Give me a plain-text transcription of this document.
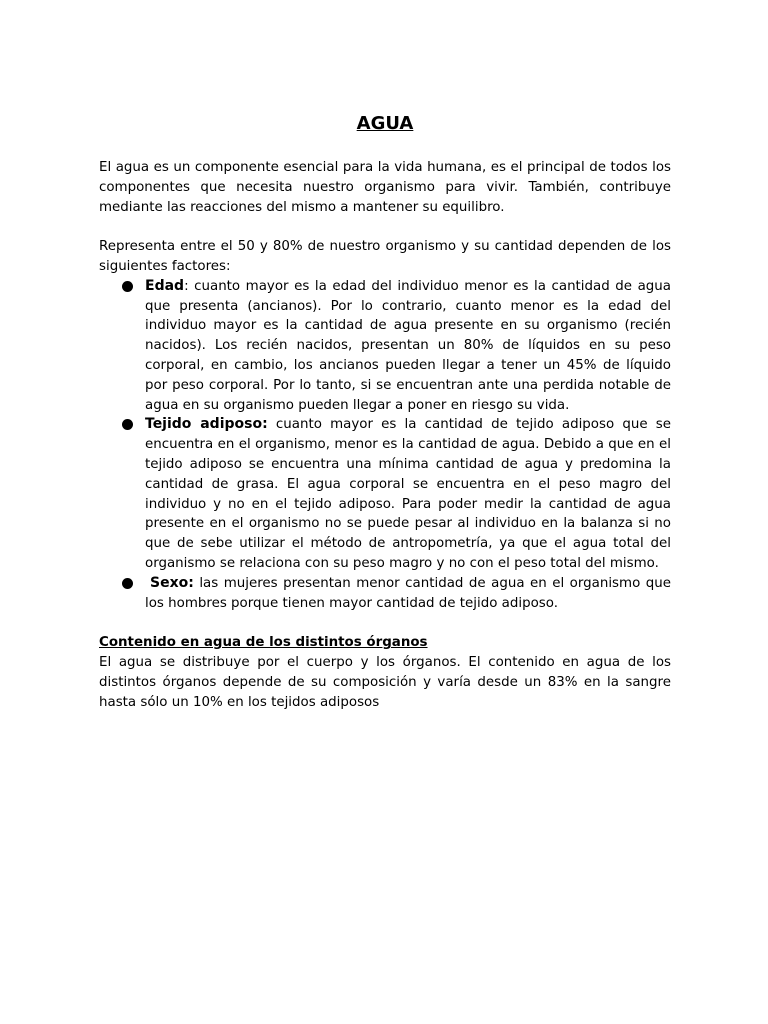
AGUA

El agua es un componente esencial para la vida humana, es el principal de todos los componentes que necesita nuestro organismo para vivir. También, contribuye mediante las reacciones del mismo a mantener su equilibro.

Representa entre el 50 y 80% de nuestro organismo y su cantidad dependen de los siguientes factores:

Edad: cuanto mayor es la edad del individuo menor es la cantidad de agua que presenta (ancianos). Por lo contrario, cuanto menor es la edad del individuo mayor es la cantidad de agua presente en su organismo (recién nacidos). Los recién nacidos, presentan un 80% de líquidos en su peso corporal, en cambio, los ancianos pueden llegar a tener un 45% de líquido por peso corporal. Por lo tanto, si se encuentran ante una perdida notable de agua en su organismo pueden llegar a poner en riesgo su vida.
Tejido adiposo: cuanto mayor es la cantidad de tejido adiposo que se encuentra en el organismo, menor es la cantidad de agua. Debido a que en el tejido adiposo se encuentra una mínima cantidad de agua y predomina la cantidad de grasa. El agua corporal se encuentra en el peso magro del individuo y no en el tejido adiposo. Para poder medir la cantidad de agua presente en el organismo no se puede pesar al individuo en la balanza si no que de sebe utilizar el método de antropometría, ya que el agua total del organismo se relaciona con su peso magro y no con el peso total del mismo.
Sexo: las mujeres presentan menor cantidad de agua en el organismo que los hombres porque tienen mayor cantidad de tejido adiposo.

Contenido en agua de los distintos órganos

El agua se distribuye por el cuerpo y los órganos. El contenido en agua de los distintos órganos depende de su composición y varía desde un 83% en la sangre hasta sólo un 10% en los tejidos adiposos
